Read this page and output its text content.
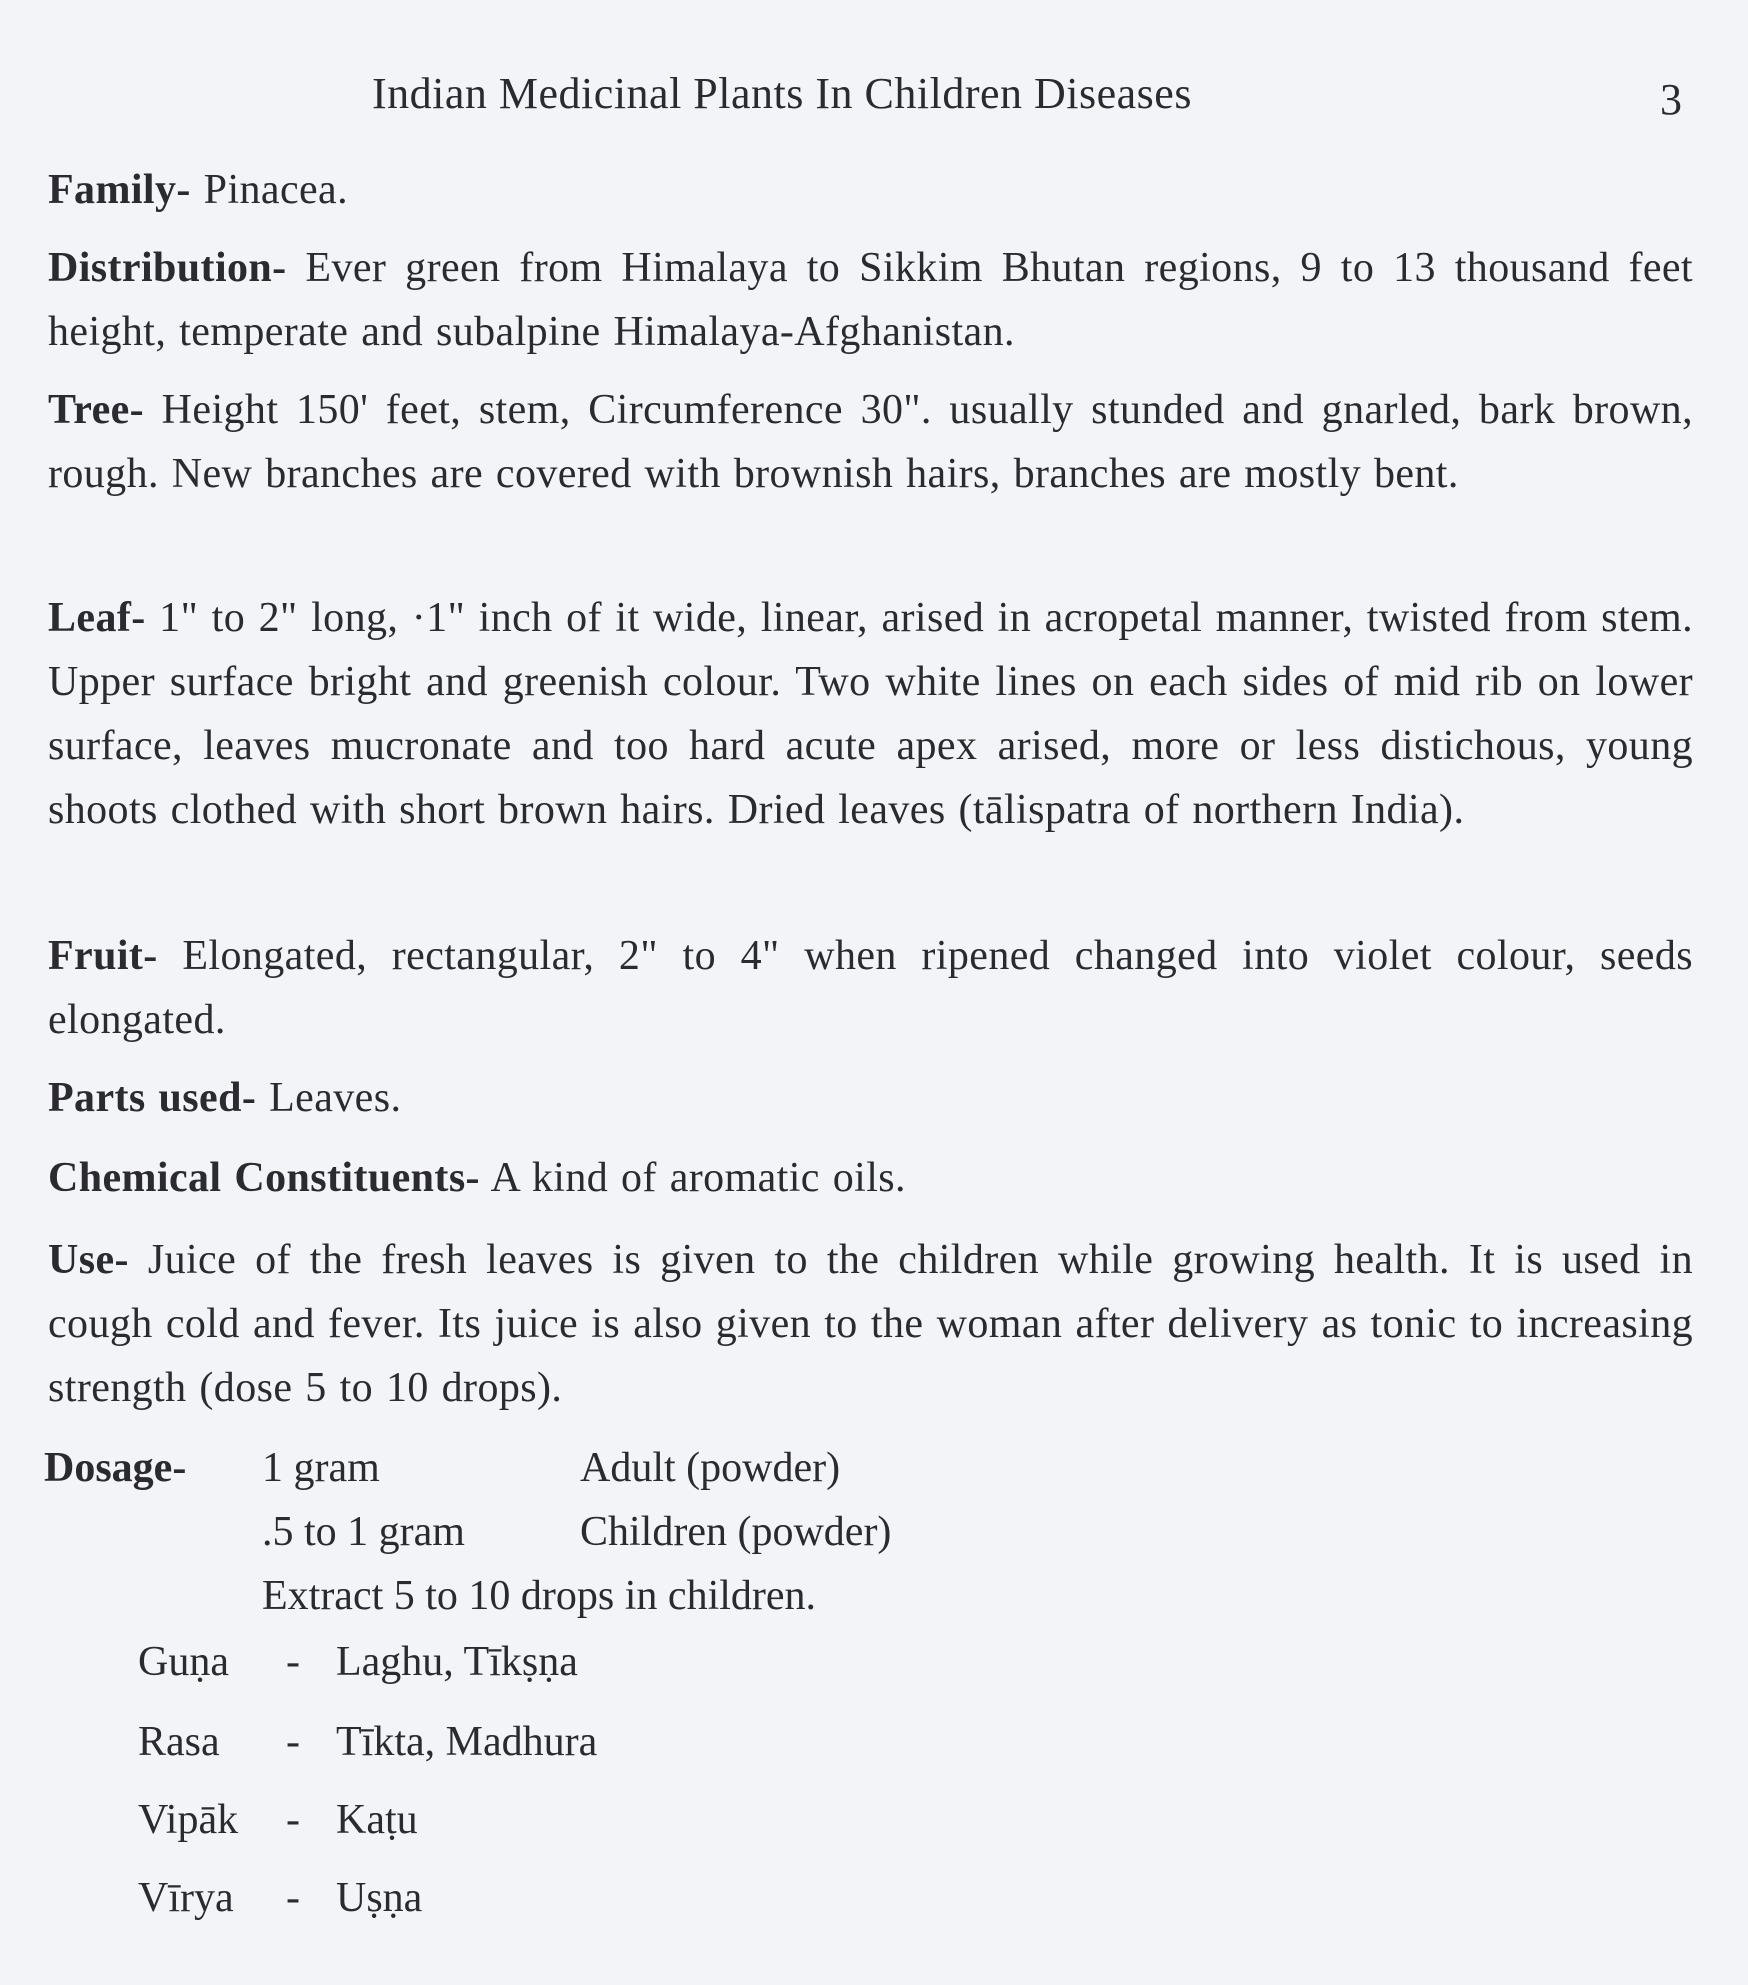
Indian Medicinal Plants In Children Diseases	3
Family- Pinacea.
Distribution- Ever green from Himalaya to Sikkim Bhutan regions, 9 to 13 thousand feet height, temperate and subalpine Himalaya-Afghanistan.
Tree- Height 150' feet, stem, Circumference 30". usually stunded and gnarled, bark brown, rough. New branches are covered with brownish hairs, branches are mostly bent.
Leaf- 1" to 2" long, ·1" inch of it wide, linear, arised in acropetal manner, twisted from stem. Upper surface bright and greenish colour. Two white lines on each sides of mid rib on lower surface, leaves mucronate and too hard acute apex arised, more or less distichous, young shoots clothed with short brown hairs. Dried leaves (tālispatra of northern India).
Fruit- Elongated, rectangular, 2" to 4" when ripened changed into violet colour, seeds elongated.
Parts used- Leaves.
Chemical Constituents- A kind of aromatic oils.
Use- Juice of the fresh leaves is given to the children while growing health. It is used in cough cold and fever. Its juice is also given to the woman after delivery as tonic to increasing strength (dose 5 to 10 drops).
Dosage- 1 gram	Adult (powder)
.5 to 1 gram	Children (powder)
Extract 5 to 10 drops in children.
Guṇa - Laghu, Tīkṣṇa
Rasa - Tīkta, Madhura
Vipāk - Kaṭu
Vīrya - Uṣṇa
